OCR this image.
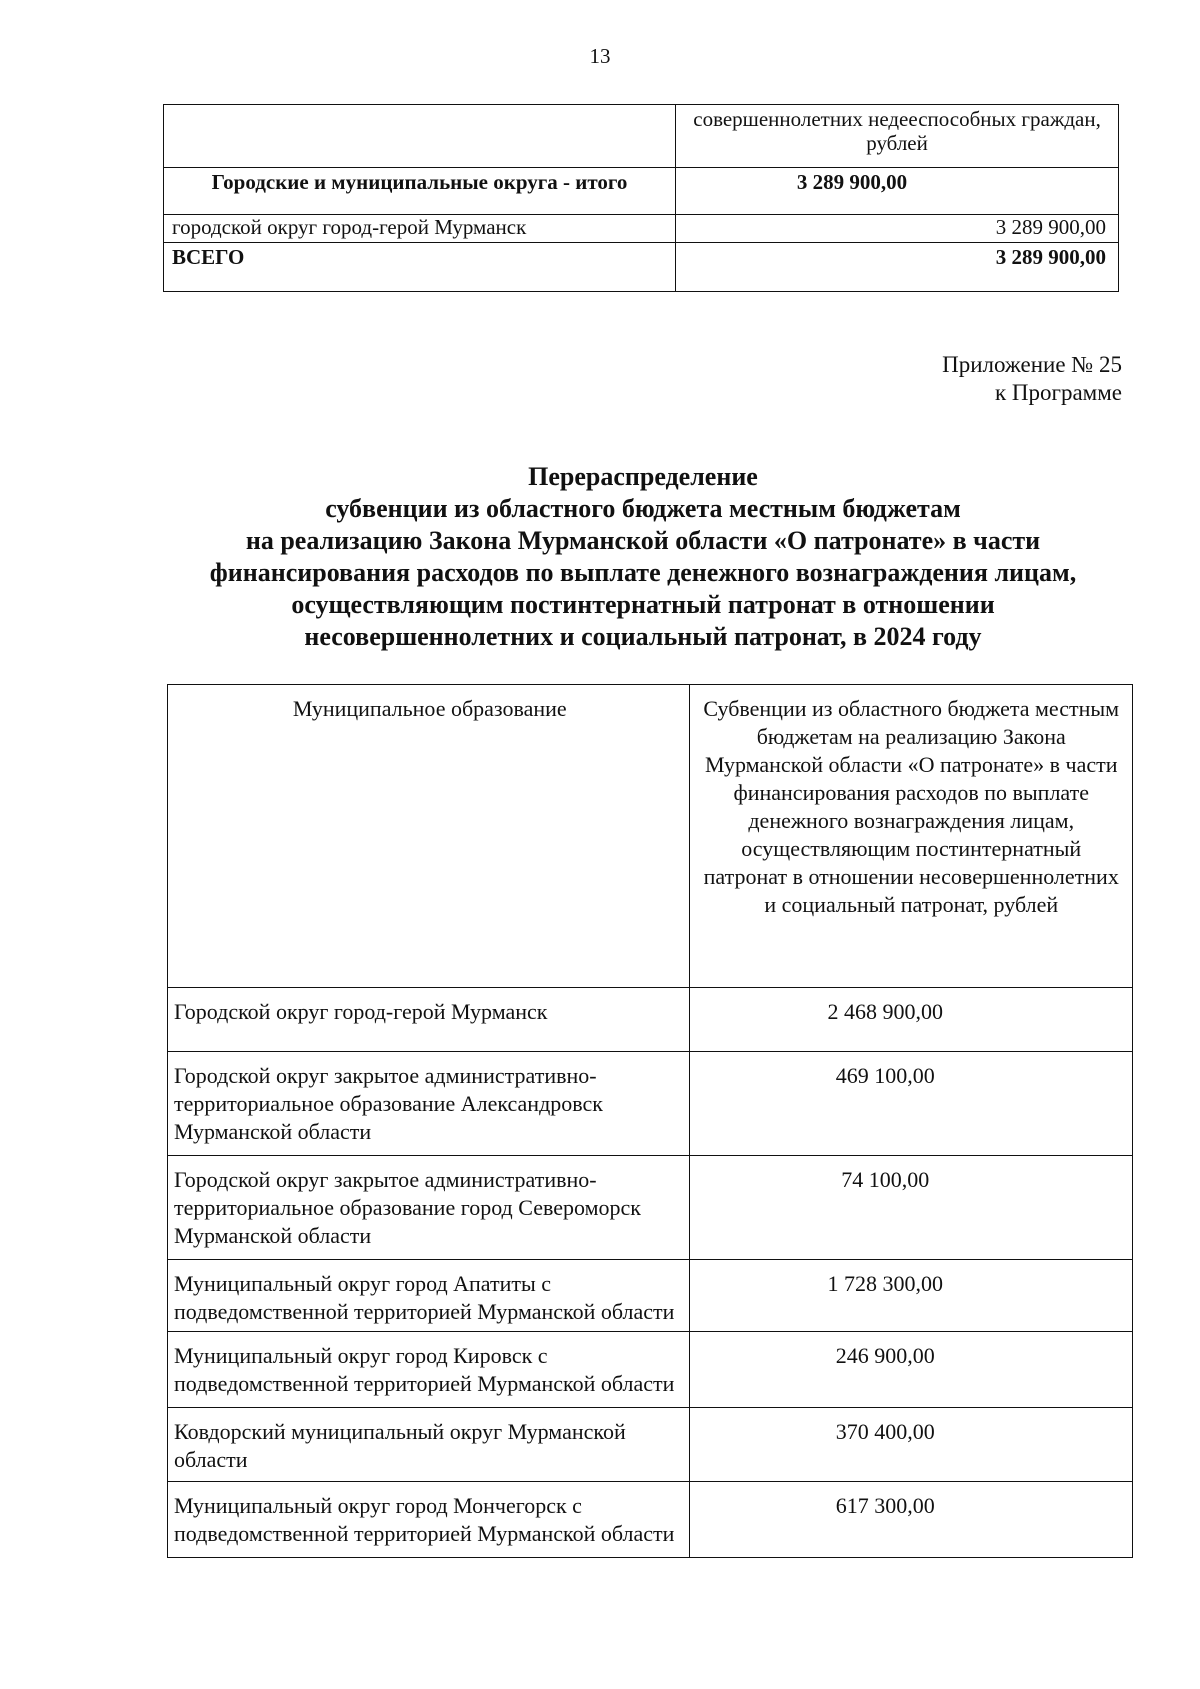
13
	совершеннолетних недееспособных граждан, рублей
Городские и муниципальные округа - итого	3 289 900,00
городской округ город-герой Мурманск	3 289 900,00
ВСЕГО	3 289 900,00
Приложение № 25
к Программе
Перераспределение
субвенции из областного бюджета местным бюджетам
на реализацию Закона Мурманской области «О патронате» в части
финансирования расходов по выплате денежного вознаграждения лицам,
осуществляющим постинтернатный патронат в отношении
несовершеннолетних и социальный патронат, в 2024 году
Муниципальное образование	Субвенции из областного бюджета местным бюджетам на реализацию Закона Мурманской области «О патронате» в части финансирования расходов по выплате денежного вознаграждения лицам, осуществляющим постинтернатный патронат в отношении несовершеннолетних и социальный патронат, рублей
Городской округ город-герой Мурманск	2 468 900,00
Городской округ закрытое административно-территориальное образование Александровск Мурманской области	469 100,00
Городской округ закрытое административно-территориальное образование город Североморск Мурманской области	74 100,00
Муниципальный округ город Апатиты с подведомственной территорией Мурманской области	1 728 300,00
Муниципальный округ город Кировск с подведомственной территорией Мурманской области	246 900,00
Ковдорский муниципальный округ Мурманской области	370 400,00
Муниципальный округ город Мончегорск с подведомственной территорией Мурманской области	617 300,00
